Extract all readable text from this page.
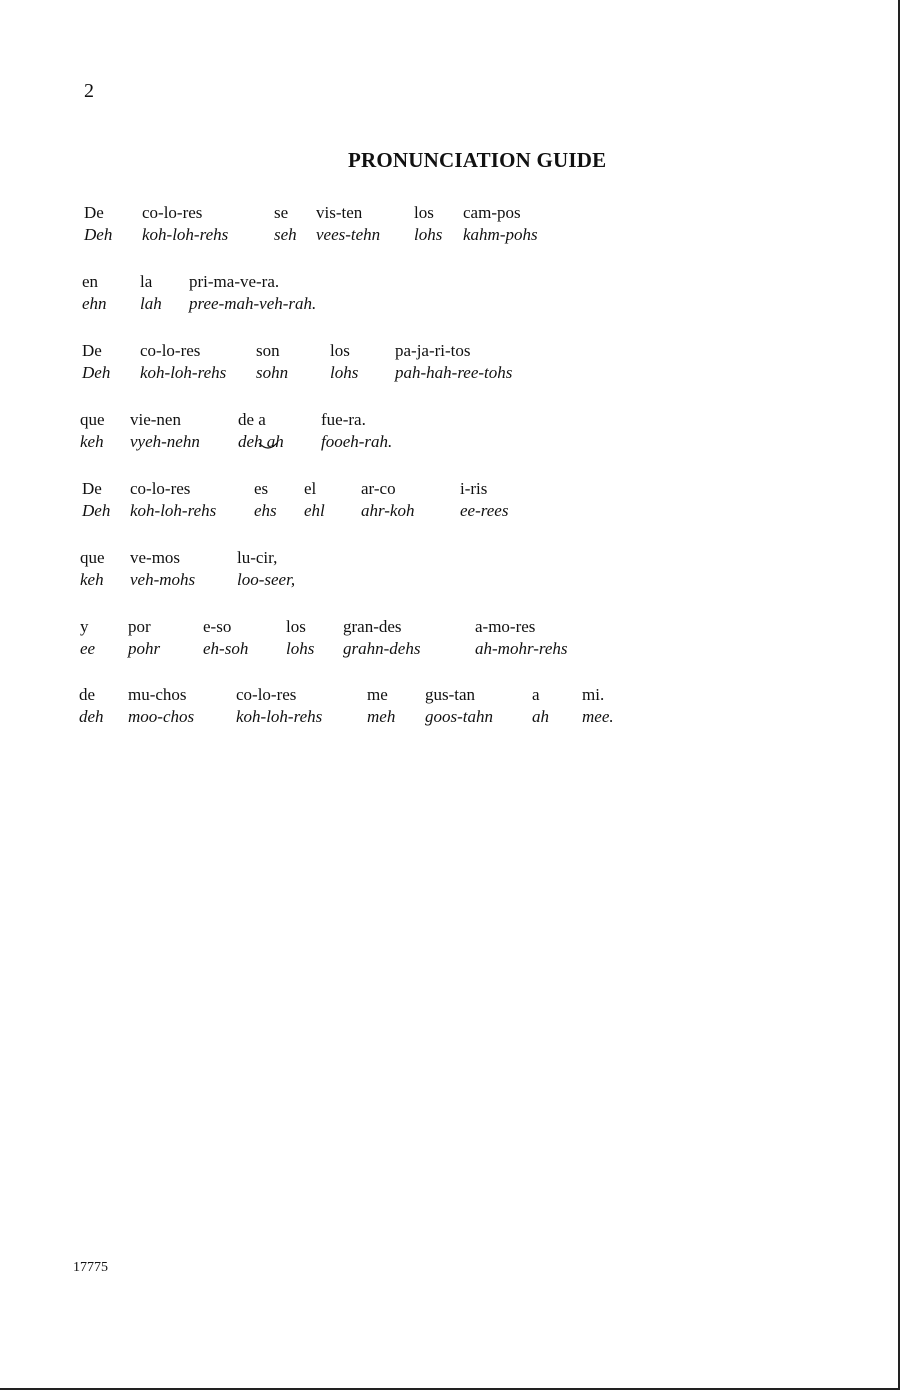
2
PRONUNCIATION GUIDE
De
Deh
co-lo-res
koh-loh-rehs
se
seh
vis-ten
vees-tehn
los
lohs
cam-pos
kahm-pohs
en
ehn
la
lah
pri-ma-ve-ra.
pree-mah-veh-rah.
De
Deh
co-lo-res
koh-loh-rehs
son
sohn
los
lohs
pa-ja-ri-tos
pah-hah-ree-tohs
que
keh
vie-nen
vyeh-nehn
de a
deh ah
fue-ra.
fooeh-rah.
De
Deh
co-lo-res
koh-loh-rehs
es
ehs
el
ehl
ar-co
ahr-koh
i-ris
ee-rees
que
keh
ve-mos
veh-mohs
lu-cir,
loo-seer,
y
ee
por
pohr
e-so
eh-soh
los
lohs
gran-des
grahn-dehs
a-mo-res
ah-mohr-rehs
de
deh
mu-chos
moo-chos
co-lo-res
koh-loh-rehs
me
meh
gus-tan
goos-tahn
a
ah
mi.
mee.
17775
